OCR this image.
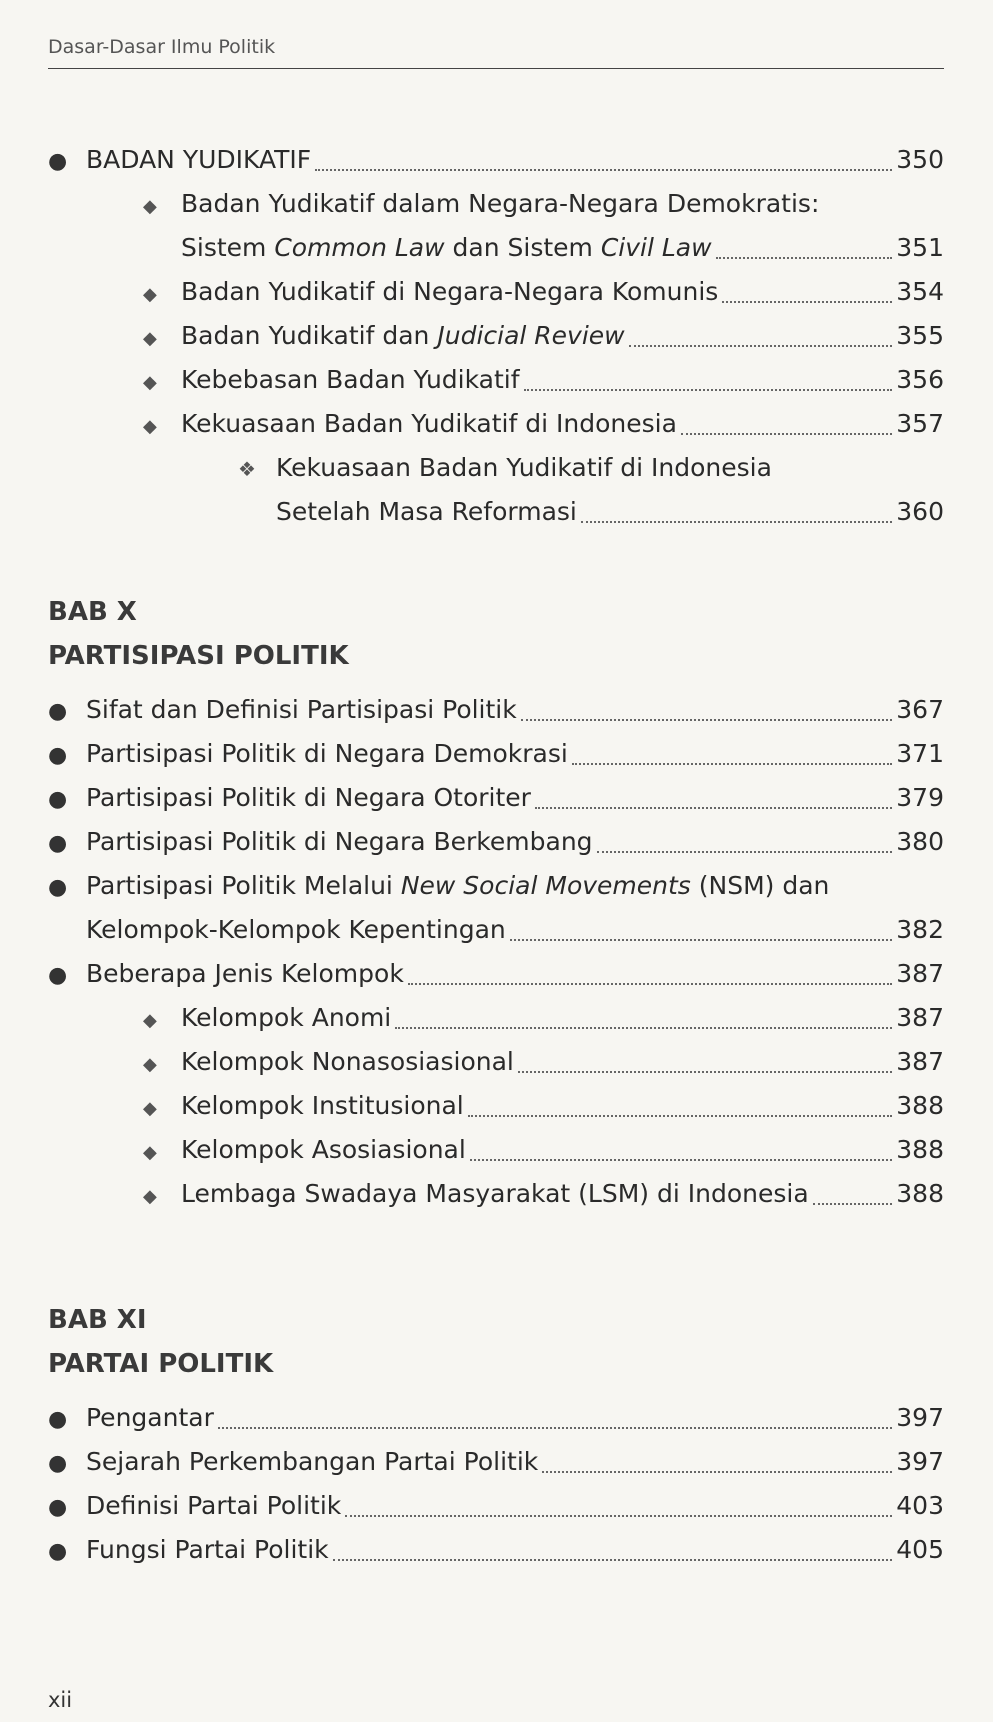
Dasar-Dasar Ilmu Politik
● BADAN YUDIKATIF	350
◆ Badan Yudikatif dalam Negara-Negara Demokratis:
Sistem Common Law dan Sistem Civil Law	351
◆ Badan Yudikatif di Negara-Negara Komunis	354
◆ Badan Yudikatif dan Judicial Review	355
◆ Kebebasan Badan Yudikatif	356
◆ Kekuasaan Badan Yudikatif di Indonesia	357
❖ Kekuasaan Badan Yudikatif di Indonesia
Setelah Masa Reformasi	360
BAB X
PARTISIPASI POLITIK
● Sifat dan Definisi Partisipasi Politik	367
● Partisipasi Politik di Negara Demokrasi	371
● Partisipasi Politik di Negara Otoriter	379
● Partisipasi Politik di Negara Berkembang	380
● Partisipasi Politik Melalui New Social Movements (NSM) dan
Kelompok-Kelompok Kepentingan	382
● Beberapa Jenis Kelompok	387
◆ Kelompok Anomi	387
◆ Kelompok Nonasosiasional	387
◆ Kelompok Institusional	388
◆ Kelompok Asosiasional	388
◆ Lembaga Swadaya Masyarakat (LSM) di Indonesia	388
BAB XI
PARTAI POLITIK
● Pengantar	397
● Sejarah Perkembangan Partai Politik	397
● Definisi Partai Politik	403
● Fungsi Partai Politik	405
xii
